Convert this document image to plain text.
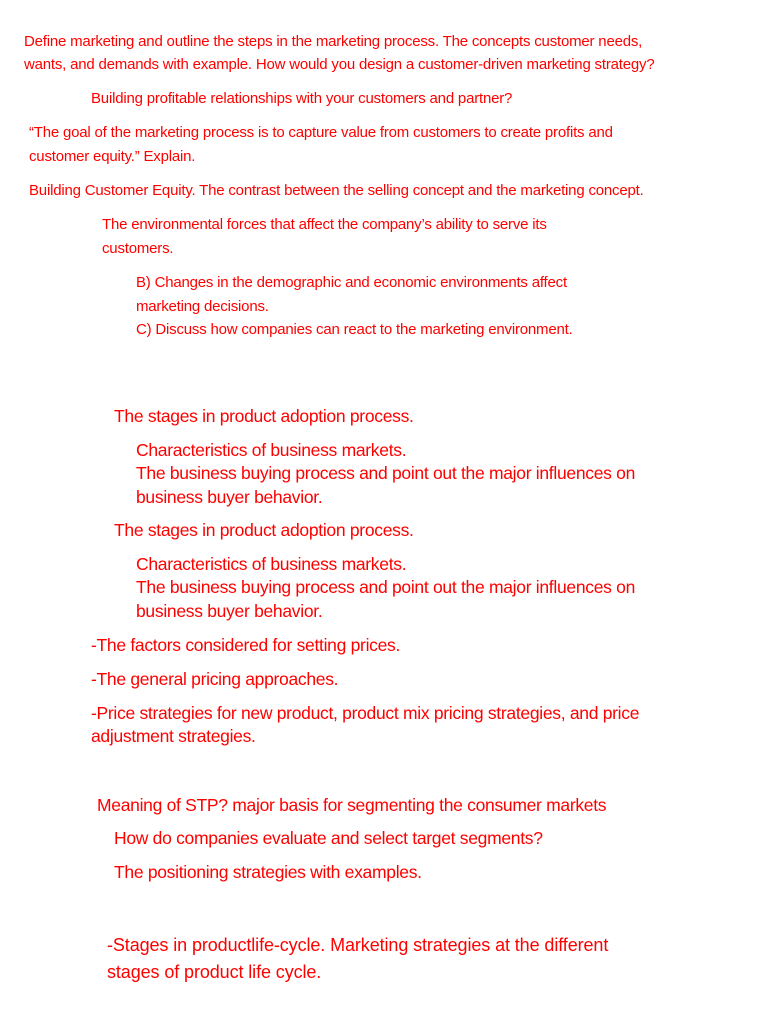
Define marketing and outline the steps in the marketing process. The concepts customer needs,
wants, and demands with example. How would you design a customer-driven marketing strategy?
Building profitable relationships with your customers and partner?
“The goal of the marketing process is to capture value from customers to create profits and
customer equity.” Explain.
Building Customer Equity. The contrast between the selling concept and the marketing concept.
The environmental forces that affect the company’s ability to serve its
customers.
B) Changes in the demographic and economic environments affect
marketing decisions.
C) Discuss how companies can react to the marketing environment.
The stages in product adoption process.
Characteristics of business markets.
The business buying process and point out the major influences on
business buyer behavior.
The stages in product adoption process.
Characteristics of business markets.
The business buying process and point out the major influences on
business buyer behavior.
-The factors considered for setting prices.
-The general pricing approaches.
-Price strategies for new product, product mix pricing strategies, and price
adjustment strategies.
Meaning of STP? major basis for segmenting the consumer markets
How do companies evaluate and select target segments?
The positioning strategies with examples.
-Stages in productlife-cycle. Marketing strategies at the different
stages of product life cycle.
